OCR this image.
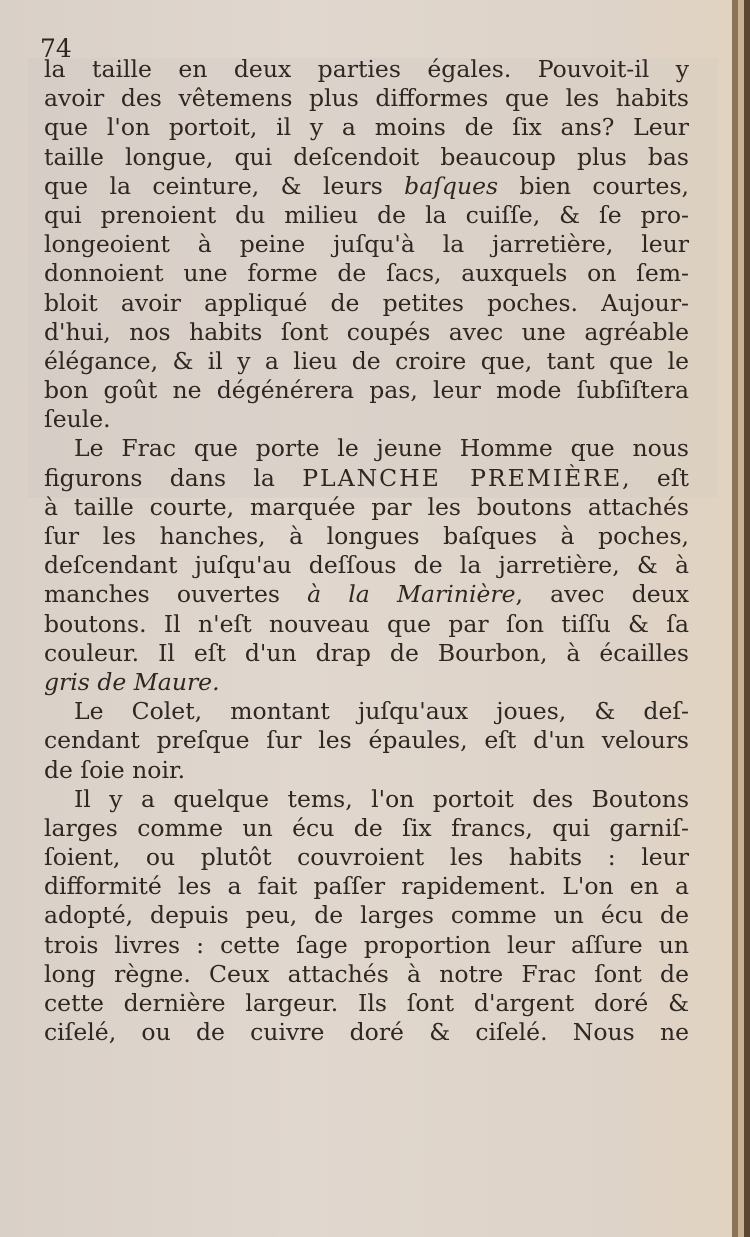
74
la taille en deux parties égales. Pouvoit-il y
avoir des vêtemens plus difformes que les habits
que l'on portoit, il y a moins de ſix ans? Leur
taille longue, qui deſcendoit beaucoup plus bas
que la ceinture, & leurs baſques bien courtes,
qui prenoient du milieu de la cuiſſe, & ſe pro-
longeoient à peine juſqu'à la jarretière, leur
donnoient une forme de ſacs, auxquels on ſem-
bloit avoir appliqué de petites poches. Aujour-
d'hui, nos habits ſont coupés avec une agréable
élégance, & il y a lieu de croire que, tant que le
bon goût ne dégénérera pas, leur mode ſubſiſtera
ſeule.
Le Frac que porte le jeune Homme que nous
figurons dans la PLANCHE PREMIÈRE, eſt
à taille courte, marquée par les boutons attachés
ſur les hanches, à longues baſques à poches,
deſcendant juſqu'au deſſous de la jarretière, & à
manches ouvertes à la Marinière, avec deux
boutons. Il n'eſt nouveau que par ſon tiſſu & ſa
couleur. Il eſt d'un drap de Bourbon, à écailles
gris de Maure.
Le Colet, montant juſqu'aux joues, & deſ-
cendant preſque ſur les épaules, eſt d'un velours
de ſoie noir.
Il y a quelque tems, l'on portoit des Boutons
larges comme un écu de ſix francs, qui garniſ-
ſoient, ou plutôt couvroient les habits : leur
difformité les a fait paſſer rapidement. L'on en a
adopté, depuis peu, de larges comme un écu de
trois livres : cette ſage proportion leur aſſure un
long règne. Ceux attachés à notre Frac ſont de
cette dernière largeur. Ils ſont d'argent doré &
ciſelé, ou de cuivre doré & ciſelé. Nous ne
